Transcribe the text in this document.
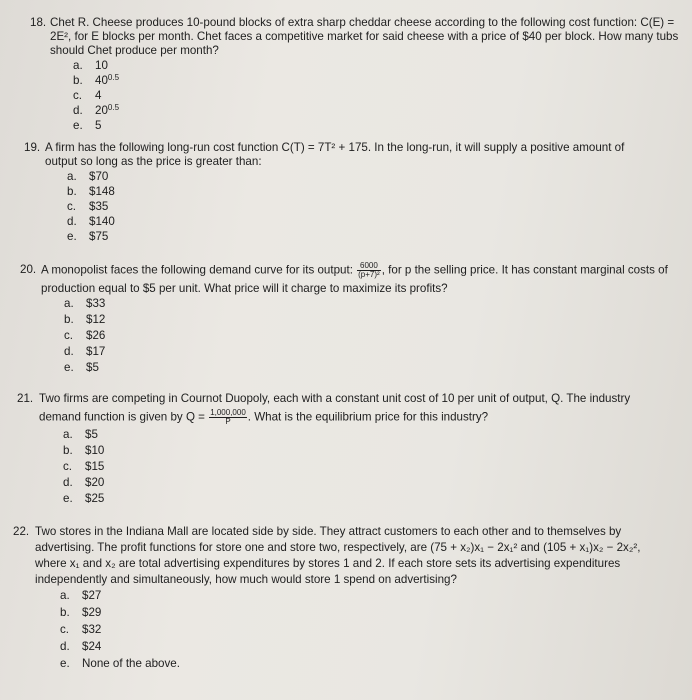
18. Chet R. Cheese produces 10-pound blocks of extra sharp cheddar cheese according to the following cost function: C(E) =
2E², for E blocks per month. Chet faces a competitive market for said cheese with a price of $40 per block. How many tubs
should Chet produce per month?
a. 10
b. $40^{0.5}$
c. 4
d. $20^{0.5}$
e. 5
19. A firm has the following long-run cost function C(T) = 7T² + 175. In the long-run, it will supply a positive amount of
output so long as the price is greater than:
a. $70
b. $148
c. $35
d. $140
e. $75
20. A monopolist faces the following demand curve for its output: $\frac{6000}{\text{(p+7)²}}$ , for p the selling price. It has constant marginal costs of
production equal to $5 per unit. What price will it charge to maximize its profits?
a. $33
b. $12
c. $26
d. $17
e. $5
21. Two firms are competing in Cournot Duopoly, each with a constant unit cost of 10 per unit of output, Q. The industry
demand function is given by $Q = \frac{1,000,000}{P}$ . What is the equilibrium price for this industry?
a. $5
b. $10
c. $15
d. $20
e. $25
22. Two stores in the Indiana Mall are located side by side. They attract customers to each other and to themselves by
advertising. The profit functions for store one and store two, respectively, are (75 + x₂)x₁ − 2x₁² and (105 + x₁)x₂ − 2x₂²,
where x₁ and x₂ are total advertising expenditures by stores 1 and 2. If each store sets its advertising expenditures
independently and simultaneously, how much would store 1 spend on advertising?
a. $27
b. $29
c. $32
d. $24
e. None of the above.
